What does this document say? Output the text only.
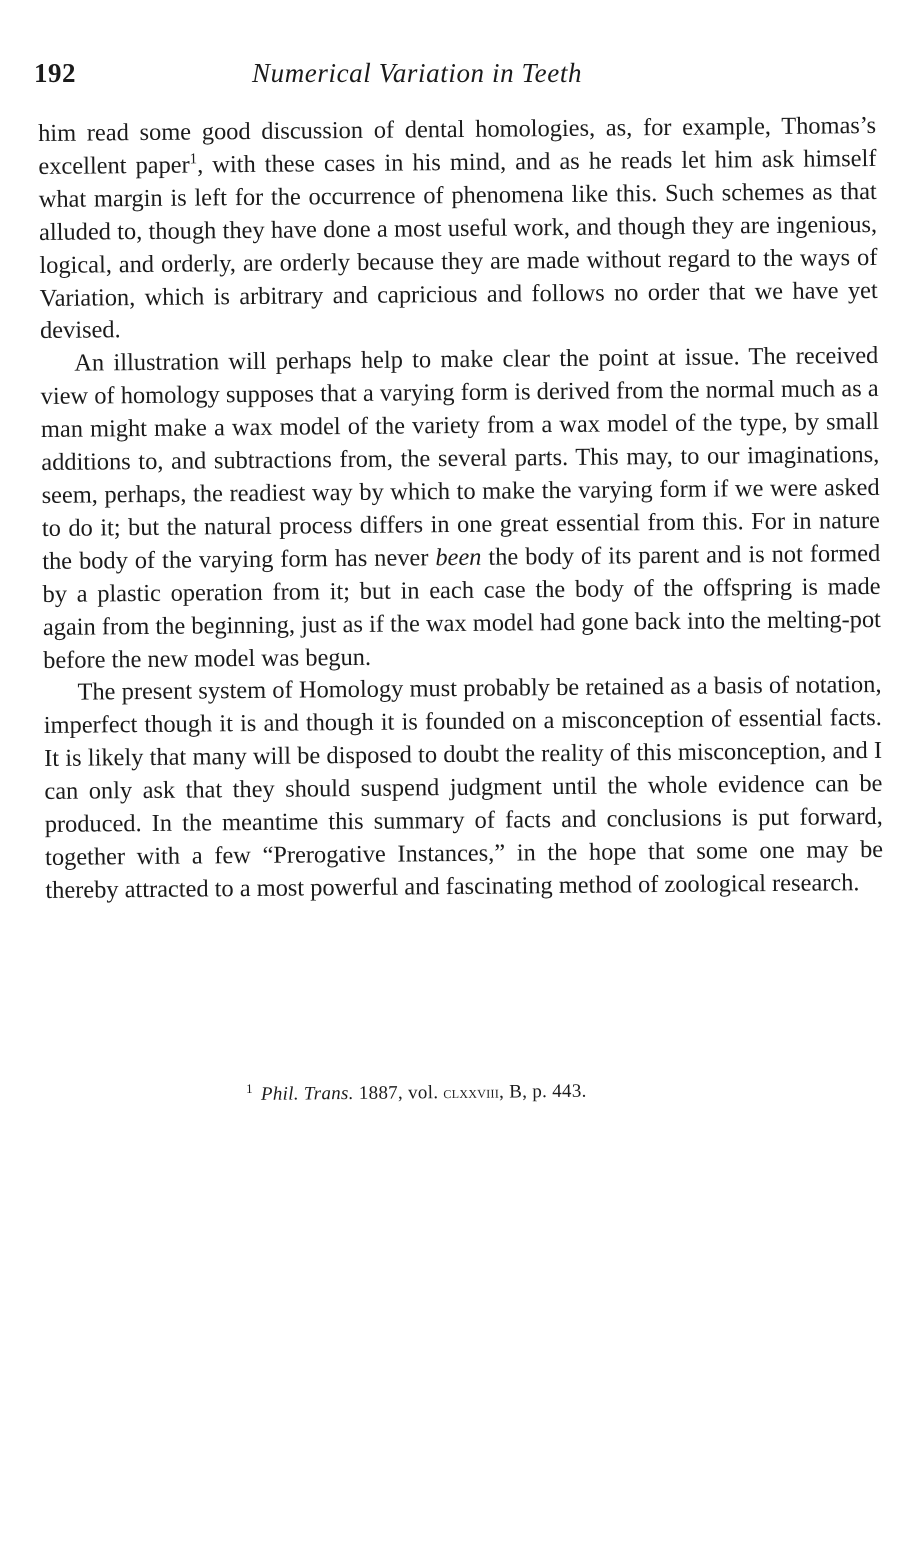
192	Numerical Variation in Teeth

him read some good discussion of dental homologies, as, for example, Thomas’s excellent paper$^1$, with these cases in his mind, and as he reads let him ask himself what margin is left for the occurrence of phenomena like this. Such schemes as that alluded to, though they have done a most useful work, and though they are ingenious, logical, and orderly, are orderly because they are made without regard to the ways of Variation, which is arbitrary and capricious and follows no order that we have yet devised.

An illustration will perhaps help to make clear the point at issue. The received view of homology supposes that a varying form is derived from the normal much as a man might make a wax model of the variety from a wax model of the type, by small additions to, and subtractions from, the several parts. This may, to our imaginations, seem, perhaps, the readiest way by which to make the varying form if we were asked to do it; but the natural process differs in one great essential from this. For in nature the body of the varying form has never been the body of its parent and is not formed by a plastic operation from it; but in each case the body of the offspring is made again from the beginning, just as if the wax model had gone back into the melting-pot before the new model was begun.

The present system of Homology must probably be retained as a basis of notation, imperfect though it is and though it is founded on a misconception of essential facts. It is likely that many will be disposed to doubt the reality of this misconception, and I can only ask that they should suspend judgment until the whole evidence can be produced. In the meantime this summary of facts and conclusions is put forward, together with a few “Prerogative Instances,” in the hope that some one may be thereby attracted to a most powerful and fascinating method of zoological research.

$^1$ Phil. Trans. 1887, vol. clxxviii, B, p. 443.
